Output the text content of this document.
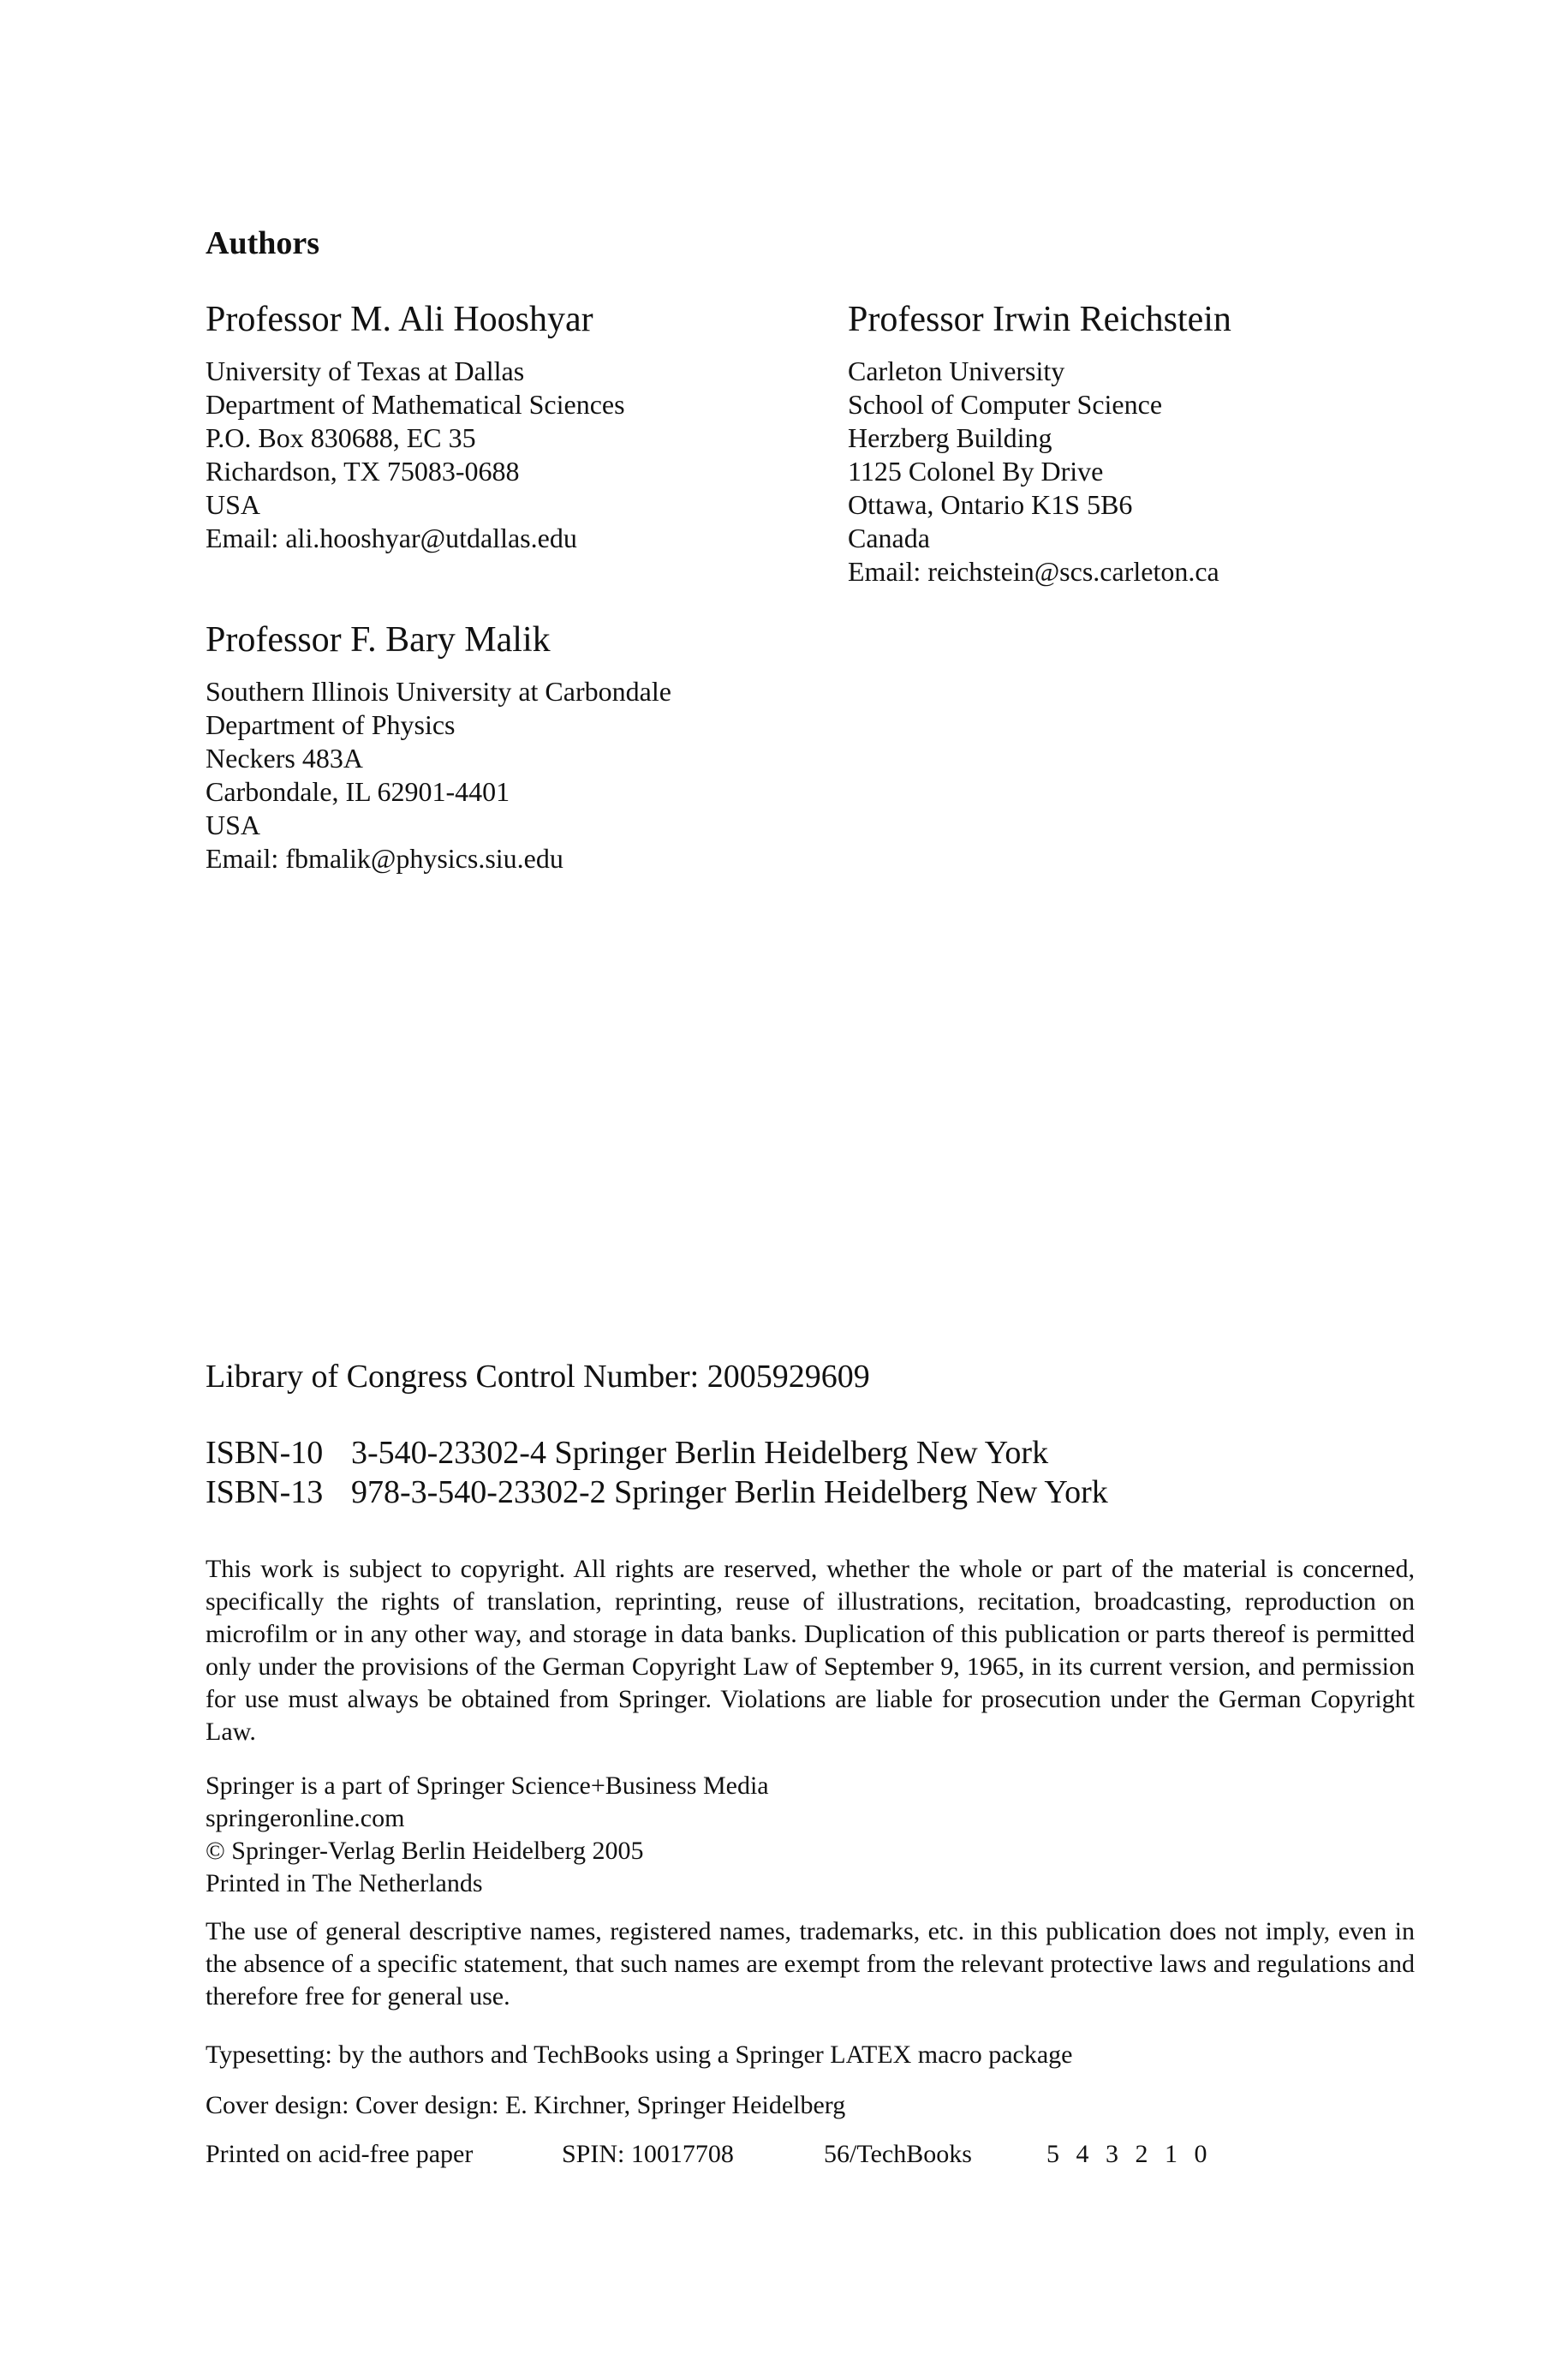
Authors
Professor M. Ali Hooshyar
University of Texas at Dallas
Department of Mathematical Sciences
P.O. Box 830688, EC 35
Richardson, TX 75083-0688
USA
Email: ali.hooshyar@utdallas.edu
Professor Irwin Reichstein
Carleton University
School of Computer Science
Herzberg Building
1125 Colonel By Drive
Ottawa, Ontario K1S 5B6
Canada
Email: reichstein@scs.carleton.ca
Professor F. Bary Malik
Southern Illinois University at Carbondale
Department of Physics
Neckers 483A
Carbondale, IL 62901-4401
USA
Email: fbmalik@physics.siu.edu
Library of Congress Control Number: 2005929609
ISBN-10 3-540-23302-4 Springer Berlin Heidelberg New York
ISBN-13 978-3-540-23302-2 Springer Berlin Heidelberg New York

This work is subject to copyright. All rights are reserved, whether the whole or part of the material is concerned, specifically the rights of translation, reprinting, reuse of illustrations, recitation, broadcasting, reproduction on microfilm or in any other way, and storage in data banks. Duplication of this publication or parts thereof is permitted only under the provisions of the German Copyright Law of September 9, 1965, in its current version, and permission for use must always be obtained from Springer. Violations are liable for prosecution under the German Copyright Law.

Springer is a part of Springer Science+Business Media
springeronline.com
© Springer-Verlag Berlin Heidelberg 2005
Printed in The Netherlands

The use of general descriptive names, registered names, trademarks, etc. in this publication does not imply, even in the absence of a specific statement, that such names are exempt from the relevant protective laws and regulations and therefore free for general use.

Typesetting: by the authors and TechBooks using a Springer LATEX macro package
Cover design: Cover design: E. Kirchner, Springer Heidelberg
Printed on acid-free paper	SPIN: 10017708	56/TechBooks	5 4 3 2 1 0
